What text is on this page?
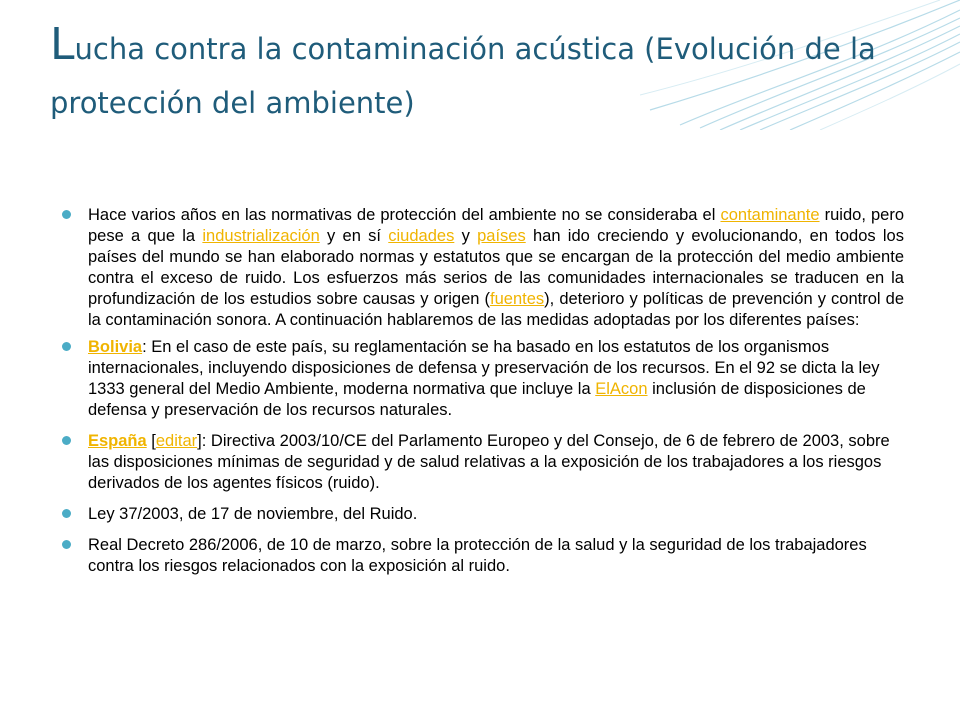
Lucha contra la contaminación acústica (Evolución de la protección del ambiente)
Hace varios años en las normativas de protección del ambiente no se consideraba el contaminante ruido, pero pese a que la industrialización y en sí ciudades y países han ido creciendo y evolucionando, en todos los países del mundo se han elaborado normas y estatutos que se encargan de la protección del medio ambiente contra el exceso de ruido. Los esfuerzos más serios de las comunidades internacionales se traducen en la profundización de los estudios sobre causas y origen (fuentes), deterioro y políticas de prevención y control de la contaminación sonora. A continuación hablaremos de las medidas adoptadas por los diferentes países:
Bolivia: En el caso de este país, su reglamentación se ha basado en los estatutos de los organismos internacionales, incluyendo disposiciones de defensa y preservación de los recursos. En el 92 se dicta la ley 1333 general del Medio Ambiente, moderna normativa que incluye la ElAcon inclusión de disposiciones de defensa y preservación de los recursos naturales.
España [editar]: Directiva 2003/10/CE del Parlamento Europeo y del Consejo, de 6 de febrero de 2003, sobre las disposiciones mínimas de seguridad y de salud relativas a la exposición de los trabajadores a los riesgos derivados de los agentes físicos (ruido).
Ley 37/2003, de 17 de noviembre, del Ruido.
Real Decreto 286/2006, de 10 de marzo, sobre la protección de la salud y la seguridad de los trabajadores contra los riesgos relacionados con la exposición al ruido.
